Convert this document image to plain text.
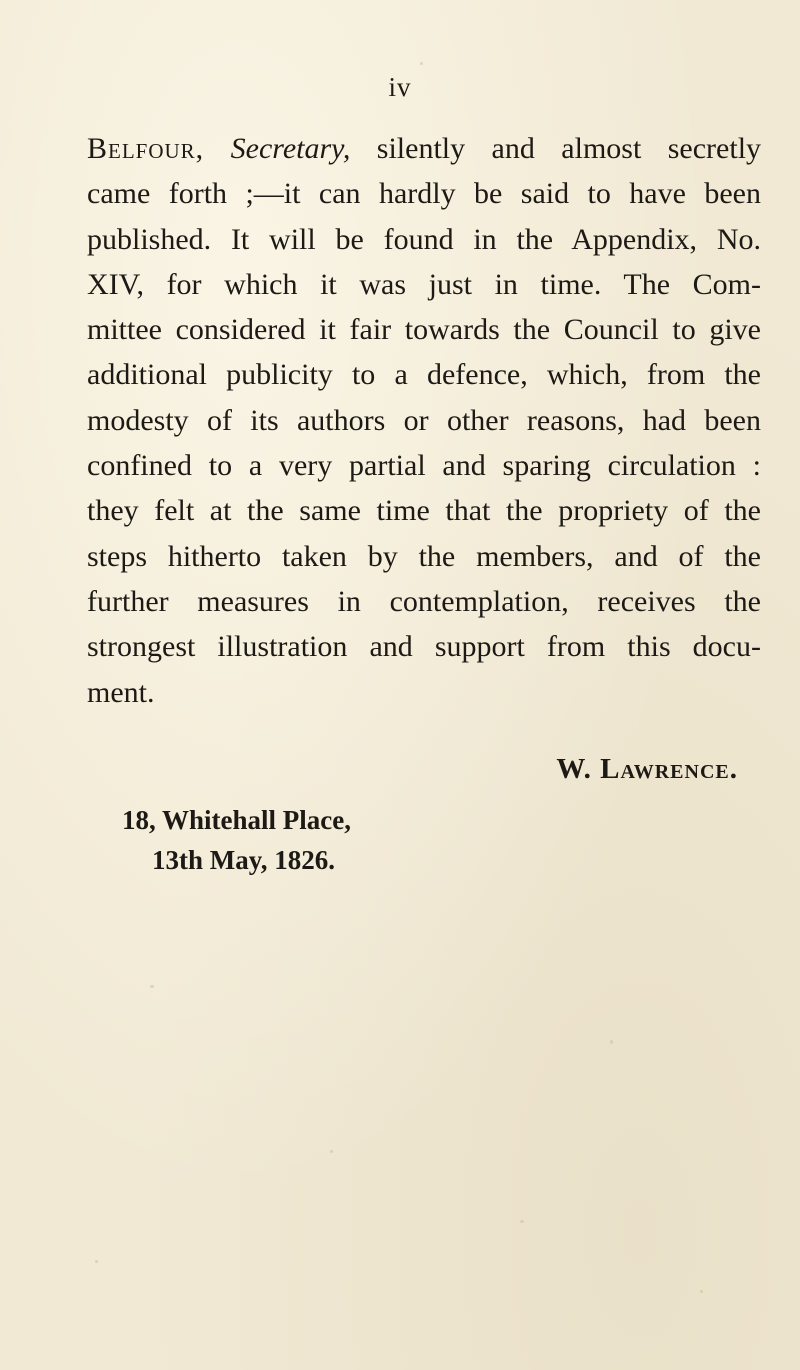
iv
Belfour, Secretary, silently and almost secretly
came forth ;—it can hardly be said to have been
published. It will be found in the Appendix, No.
XIV, for which it was just in time. The Com-
mittee considered it fair towards the Council to give
additional publicity to a defence, which, from the
modesty of its authors or other reasons, had been
confined to a very partial and sparing circulation :
they felt at the same time that the propriety of the
steps hitherto taken by the members, and of the
further measures in contemplation, receives the
strongest illustration and support from this docu-
ment.
W. Lawrence.
18, Whitehall Place,
13th May, 1826.
